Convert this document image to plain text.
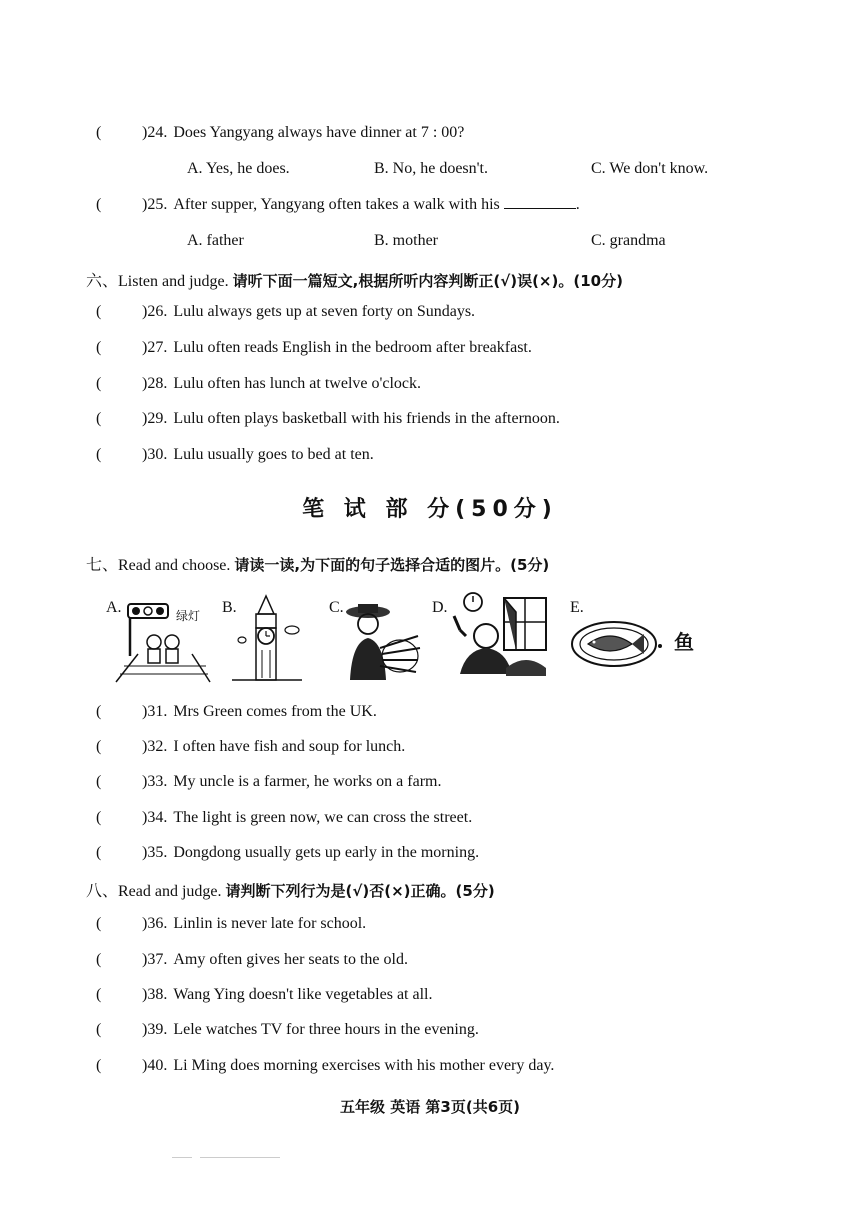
(	)24. Does Yangyang always have dinner at 7 : 00?
A. Yes, he does.	B. No, he doesn't.	C. We don't know.
(	)25. After supper, Yangyang often takes a walk with his	.
A. father	B. mother	C. grandma
六、Listen and judge. 请听下面一篇短文,根据所听内容判断正(√)误(×)。(10分)
(	)26. Lulu always gets up at seven forty on Sundays.
(	)27. Lulu often reads English in the bedroom after breakfast.
(	)28. Lulu often has lunch at twelve o'clock.
(	)29. Lulu often plays basketball with his friends in the afternoon.
(	)30. Lulu usually goes to bed at ten.
笔 试 部 分(50分)
七、Read and choose. 请读一读,为下面的句子选择合适的图片。(5分)
A.	绿灯 B.	C.	D.	E.
鱼
(	)31. Mrs Green comes from the UK.
(	)32. I often have fish and soup for lunch.
(	)33. My uncle is a farmer, he works on a farm.
(	)34. The light is green now, we can cross the street.
(	)35. Dongdong usually gets up early in the morning.
八、Read and judge. 请判断下列行为是(√)否(×)正确。(5分)
(	)36. Linlin is never late for school.
(	)37. Amy often gives her seats to the old.
(	)38. Wang Ying doesn't like vegetables at all.
(	)39. Lele watches TV for three hours in the evening.
(	)40. Li Ming does morning exercises with his mother every day.
五年级 英语 第3页(共6页)
